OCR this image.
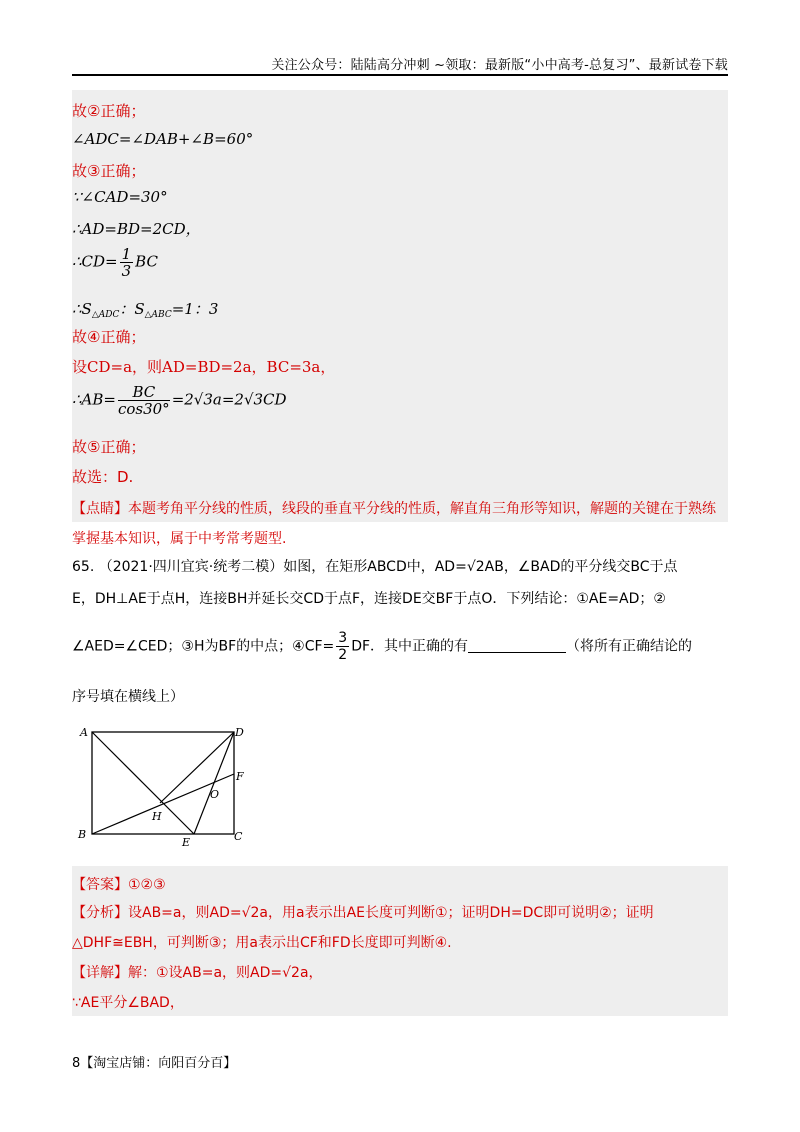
关注公众号：陆陆高分冲刺 ~领取：最新版“小中高考-总复习”、最新试卷下载
故②正确；
∠ADC=∠DAB+∠B=60°
故③正确；
∵∠CAD=30°
∴AD=BD=2CD，
∴CD= $\frac{1}{3}$ BC
$\therefore S_{\triangle ADC}$：$S_{\triangle ABC}=1$：3
故④正确；
设CD=a，则AD=BD=2a，BC=3a，
∴AB= $\frac{BC}{\cos 30^\circ} =2√3a=2√3CD$
故⑤正确；
故选：D.
【点睛】本题考角平分线的性质，线段的垂直平分线的性质，解直角三角形等知识，解题的关键在于熟练
掌握基本知识，属于中考常考题型.
65. （2021·四川宜宾·统考二模）如图，在矩形ABCD中，AD=√2AB，∠BAD的平分线交BC于点
E，DH⊥AE于点H，连接BH并延长交CD于点F，连接DE交BF于点O．下列结论：①AE=AD；②
∠AED=∠CED；③H为BF的中点；④CF= $\frac{3}{2}$ DF．其中正确的有	（将所有正确结论的
序号填在横线上）
A	D
F
O
H
B
E	C
【答案】①②③
【分析】设AB=a，则AD=√2a，用a表示出AE长度可判断①；证明DH=DC即可说明②；证明
△DHF≅EBH，可判断③；用a表示出CF和FD长度即可判断④.
【详解】解：①设AB=a，则AD=√2a，
∵AE平分∠BAD，
8【淘宝店铺：向阳百分百】
